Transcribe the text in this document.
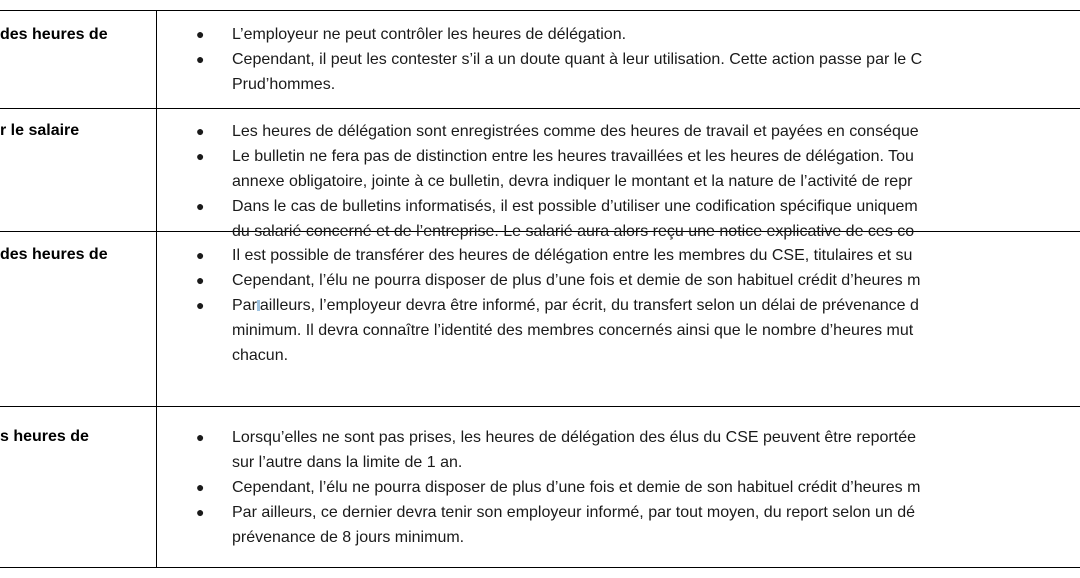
des heures de	● L’employeur ne peut contrôler les heures de délégation.
● Cependant, il peut les contester s’il a un doute quant à leur utilisation. Cette action passe par le C
Prud’hommes.
r le salaire	● Les heures de délégation sont enregistrées comme des heures de travail et payées en conséque
● Le bulletin ne fera pas de distinction entre les heures travaillées et les heures de délégation. Tou
annexe obligatoire, jointe à ce bulletin, devra indiquer le montant et la nature de l’activité de repr
● Dans le cas de bulletins informatisés, il est possible d’utiliser une codification spécifique uniquem
du salarié concerné et de l’entreprise. Le salarié aura alors reçu une notice explicative de ces co
des heures de	● Il est possible de transférer des heures de délégation entre les membres du CSE, titulaires et su
● Cependant, l’élu ne pourra disposer de plus d’une fois et demie de son habituel crédit d’heures m
● Par ailleurs, l’employeur devra être informé, par écrit, du transfert selon un délai de prévenance d
minimum. Il devra connaître l’identité des membres concernés ainsi que le nombre d’heures mut
chacun.
s heures de	● Lorsqu’elles ne sont pas prises, les heures de délégation des élus du CSE peuvent être reportée
sur l’autre dans la limite de 1 an.
● Cependant, l’élu ne pourra disposer de plus d’une fois et demie de son habituel crédit d’heures m
● Par ailleurs, ce dernier devra tenir son employeur informé, par tout moyen, du report selon un dé
prévenance de 8 jours minimum.
